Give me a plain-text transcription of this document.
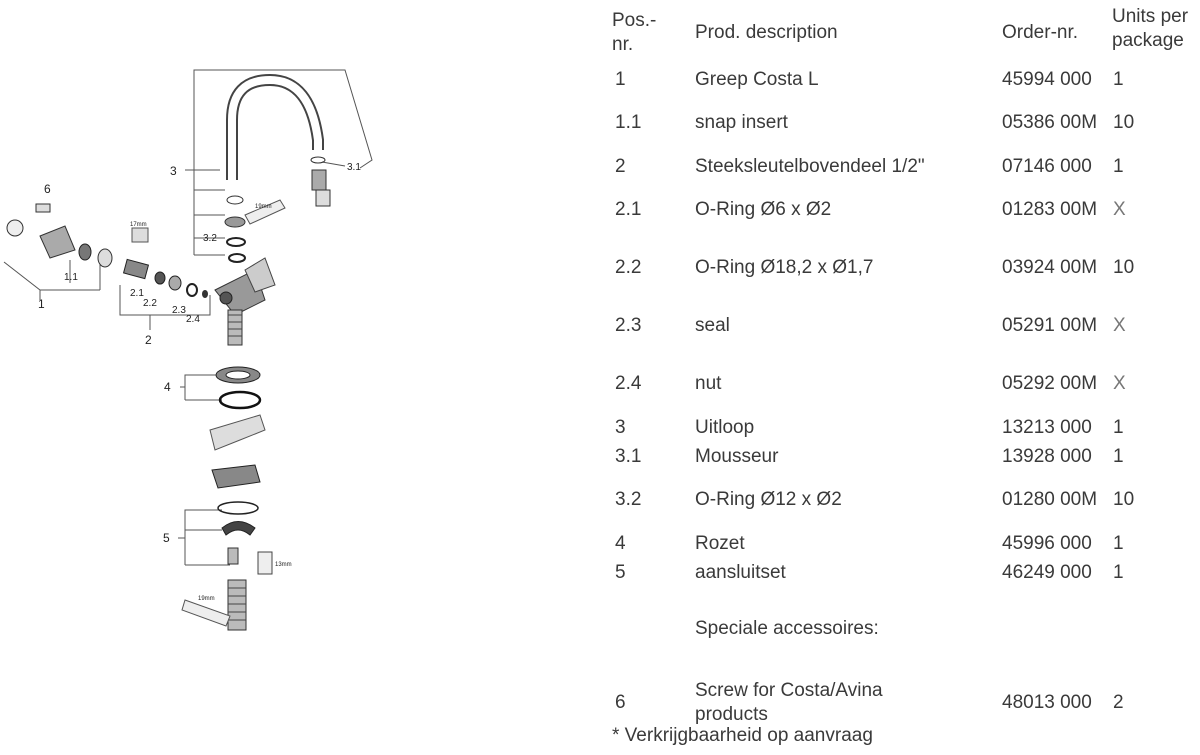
1
1.1
2
2.1
2.2
2.3
2.4
3	3.1
3.2
4
5
6
17mm
19mm
13mm
19mm
Pos.-
nr.	Prod. description	Order-nr.	Units per
package

1	Greep Costa L	45994 000	1
1.1	snap insert	05386 00M	10
2	Steeksleutelbovendeel 1/2"	07146 000	1
2.1	O-Ring Ø6 x Ø2	01283 00M	X
2.2	O-Ring Ø18,2 x Ø1,7	03924 00M	10
2.3	seal	05291 00M	X
2.4	nut	05292 00M	X
3	Uitloop	13213 000	1
3.1	Mousseur	13928 000	1
3.2	O-Ring Ø12 x Ø2	01280 00M	10
4	Rozet	45996 000	1
5	aansluitset	46249 000	1
	Speciale accessoires:		
6	Screw for Costa/Avina
products	48013 000	2
* Verkrijgbaarheid op aanvraag
